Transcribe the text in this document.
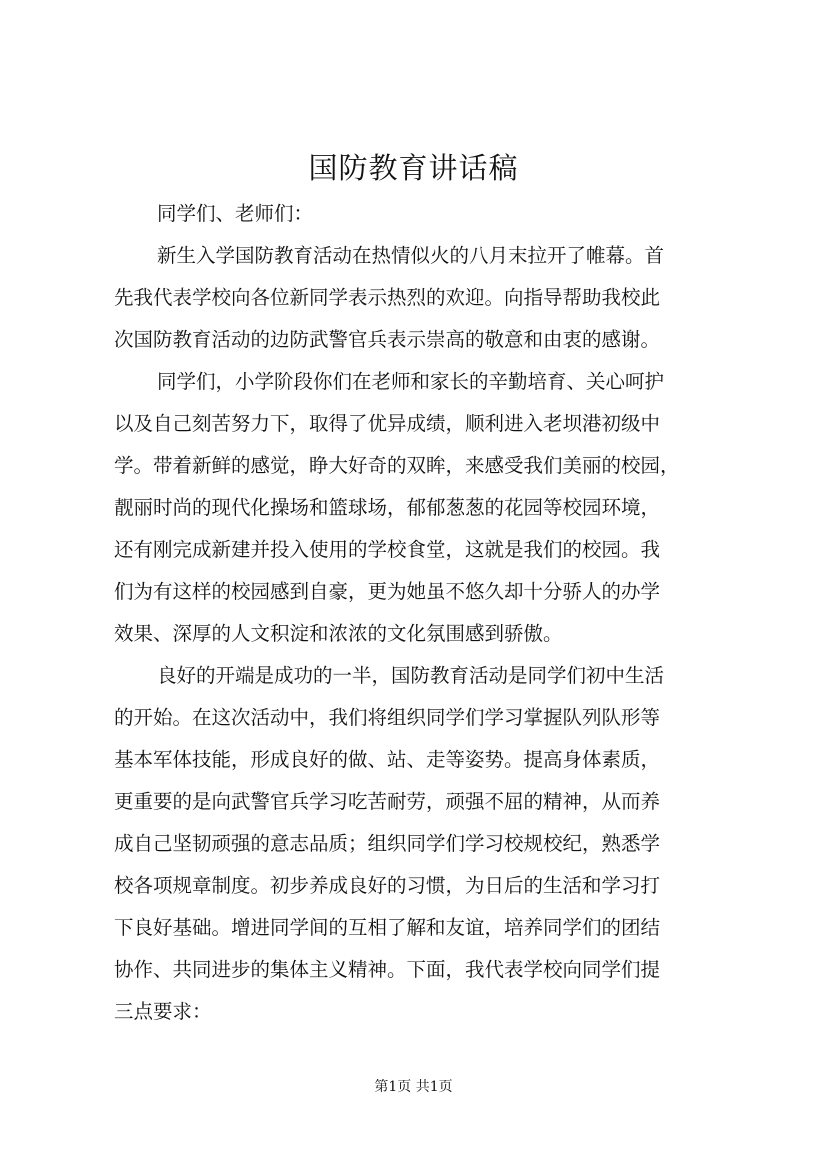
国防教育讲话稿
同学们、老师们：
新生入学国防教育活动在热情似火的八月末拉开了帷幕。首
先我代表学校向各位新同学表示热烈的欢迎。向指导帮助我校此
次国防教育活动的边防武警官兵表示崇高的敬意和由衷的感谢。
同学们，小学阶段你们在老师和家长的辛勤培育、关心呵护
以及自己刻苦努力下，取得了优异成绩，顺利进入老坝港初级中
学。带着新鲜的感觉，睁大好奇的双眸，来感受我们美丽的校园，
靓丽时尚的现代化操场和篮球场，郁郁葱葱的花园等校园环境，
还有刚完成新建并投入使用的学校食堂，这就是我们的校园。我
们为有这样的校园感到自豪，更为她虽不悠久却十分骄人的办学
效果、深厚的人文积淀和浓浓的文化氛围感到骄傲。
良好的开端是成功的一半，国防教育活动是同学们初中生活
的开始。在这次活动中，我们将组织同学们学习掌握队列队形等
基本军体技能，形成良好的做、站、走等姿势。提高身体素质，
更重要的是向武警官兵学习吃苦耐劳，顽强不屈的精神，从而养
成自己坚韧顽强的意志品质；组织同学们学习校规校纪，熟悉学
校各项规章制度。初步养成良好的习惯，为日后的生活和学习打
下良好基础。增进同学间的互相了解和友谊，培养同学们的团结
协作、共同进步的集体主义精神。下面，我代表学校向同学们提
三点要求：
第1页 共1页
